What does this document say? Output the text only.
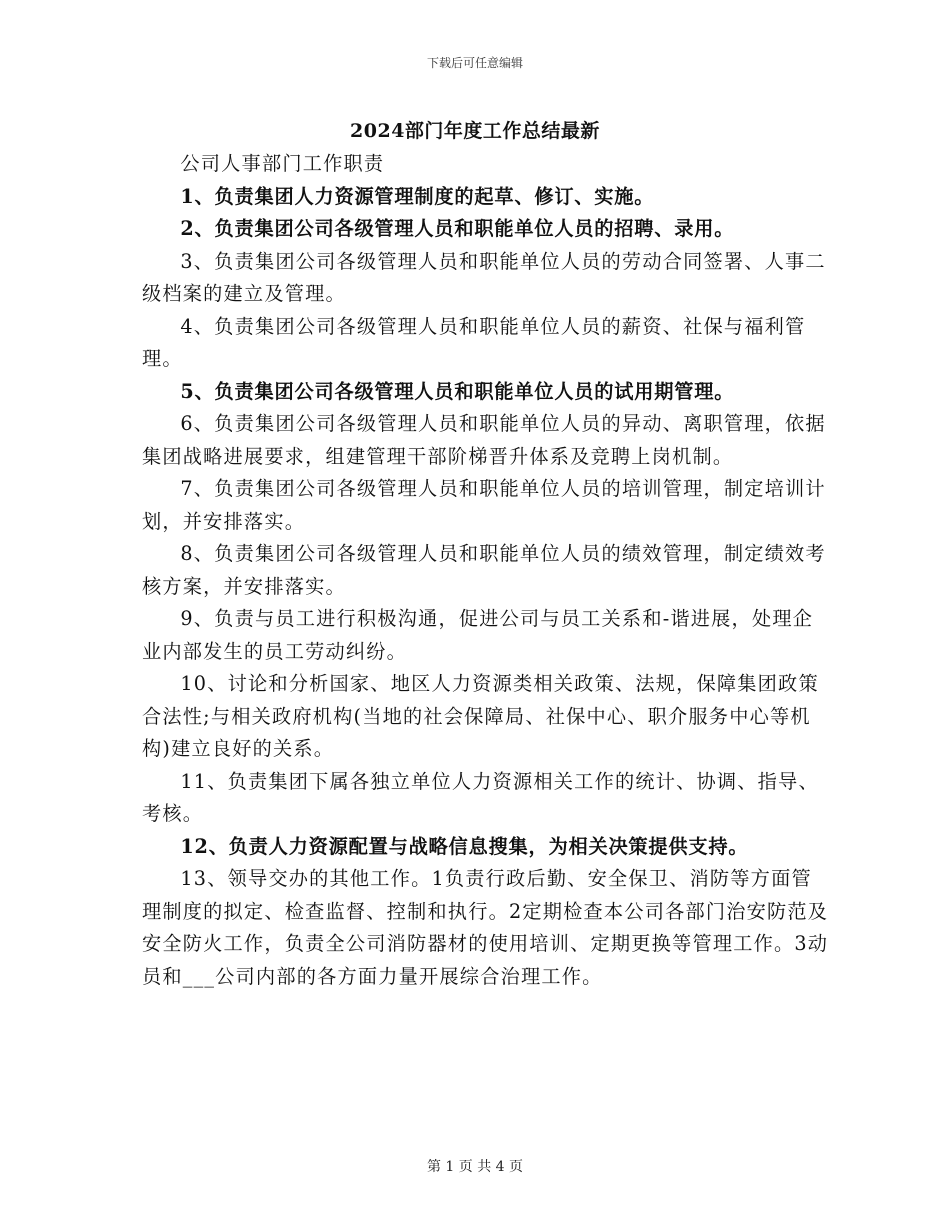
下载后可任意编辑
2024部门年度工作总结最新

公司人事部门工作职责

1、负责集团人力资源管理制度的起草、修订、实施。

2、负责集团公司各级管理人员和职能单位人员的招聘、录用。

3、负责集团公司各级管理人员和职能单位人员的劳动合同签署、人事二级档案的建立及管理。

4、负责集团公司各级管理人员和职能单位人员的薪资、社保与福利管理。

5、负责集团公司各级管理人员和职能单位人员的试用期管理。

6、负责集团公司各级管理人员和职能单位人员的异动、离职管理，依据集团战略进展要求，组建管理干部阶梯晋升体系及竞聘上岗机制。

7、负责集团公司各级管理人员和职能单位人员的培训管理，制定培训计划，并安排落实。

8、负责集团公司各级管理人员和职能单位人员的绩效管理，制定绩效考核方案，并安排落实。

9、负责与员工进行积极沟通，促进公司与员工关系和-谐进展，处理企业内部发生的员工劳动纠纷。

10、讨论和分析国家、地区人力资源类相关政策、法规，保障集团政策合法性;与相关政府机构(当地的社会保障局、社保中心、职介服务中心等机构)建立良好的关系。

11、负责集团下属各独立单位人力资源相关工作的统计、协调、指导、考核。

12、负责人力资源配置与战略信息搜集，为相关决策提供支持。

13、领导交办的其他工作。1负责行政后勤、安全保卫、消防等方面管理制度的拟定、检查监督、控制和执行。2定期检查本公司各部门治安防范及安全防火工作，负责全公司消防器材的使用培训、定期更换等管理工作。3动员和___公司内部的各方面力量开展综合治理工作。

第 1 页 共 4 页
